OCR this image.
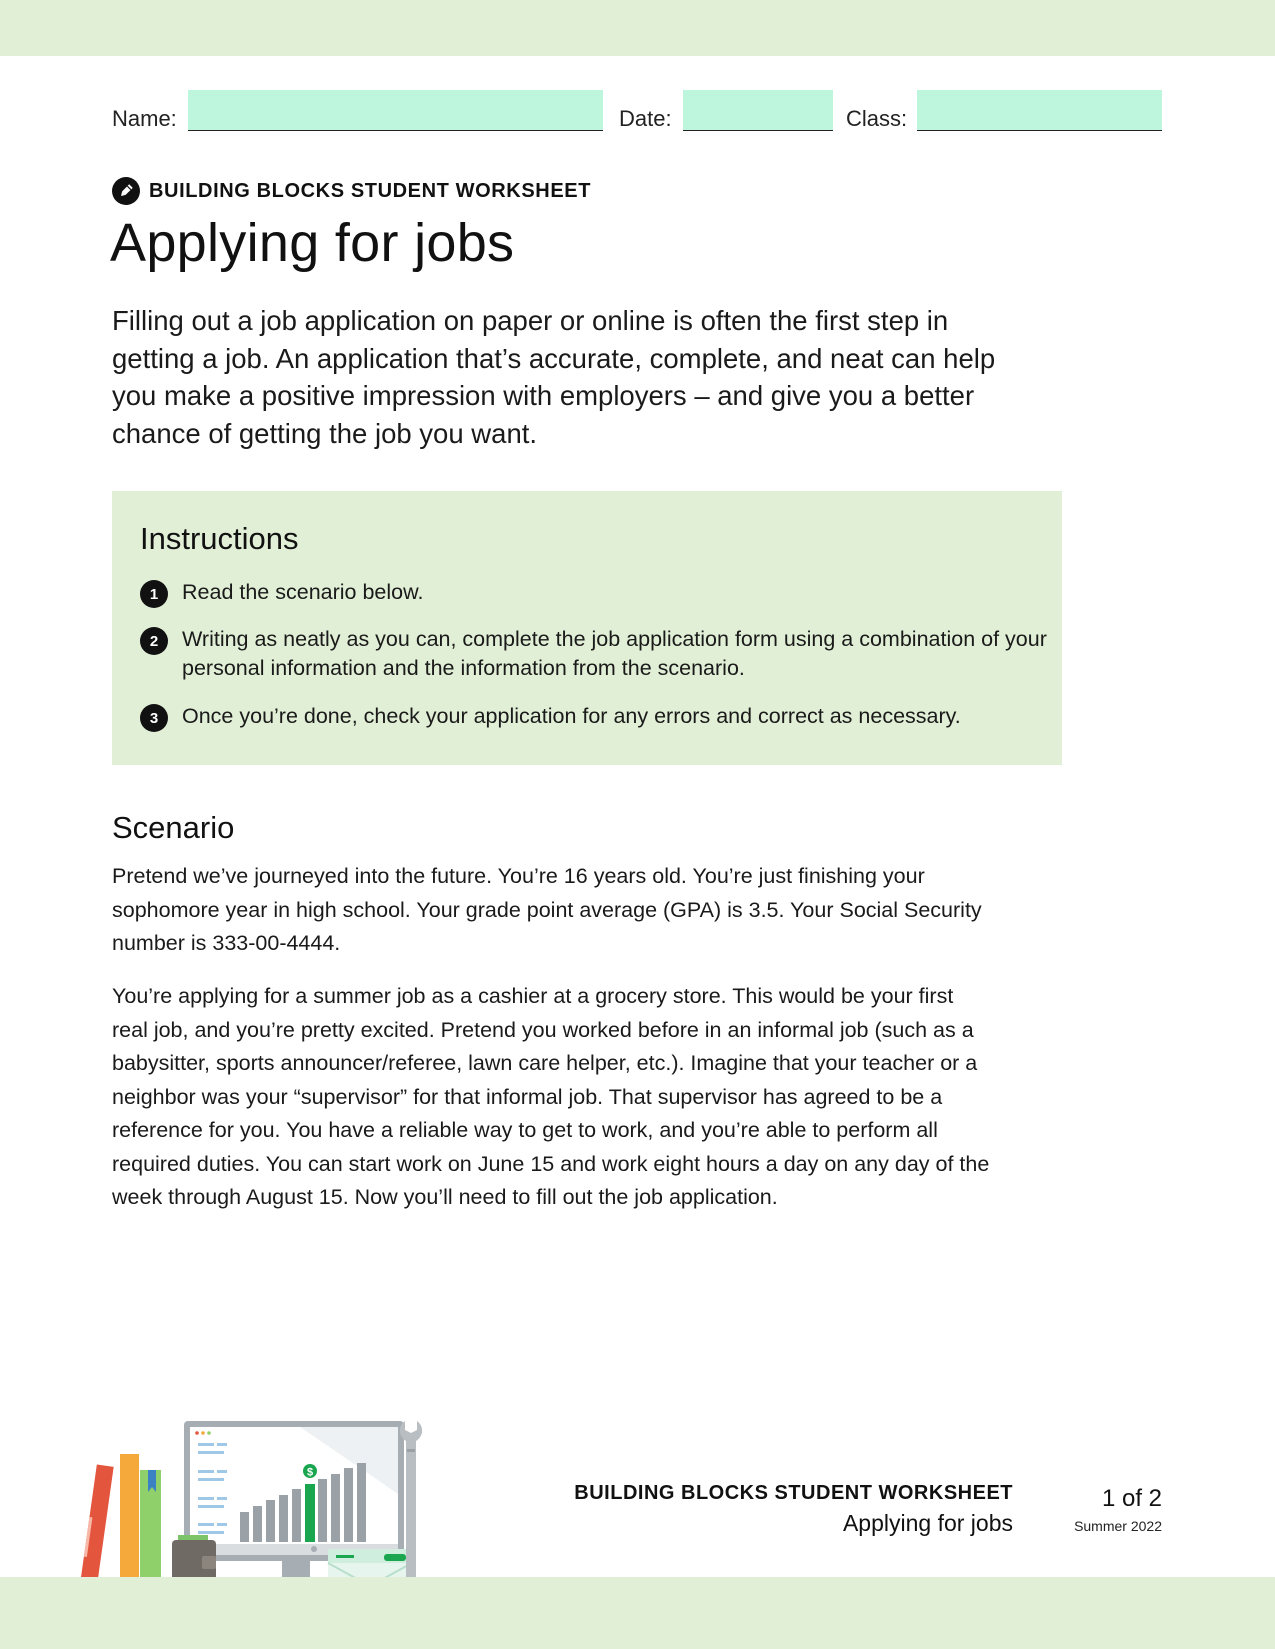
Name:	Date:	Class:
BUILDING BLOCKS STUDENT WORKSHEET
Applying for jobs

Filling out a job application on paper or online is often the first step in getting a job. An application that’s accurate, complete, and neat can help you make a positive impression with employers – and give you a better chance of getting the job you want.

Instructions
1	Read the scenario below.
2	Writing as neatly as you can, complete the job application form using a combination of your personal information and the information from the scenario.
3	Once you’re done, check your application for any errors and correct as necessary.
Scenario

Pretend we’ve journeyed into the future. You’re 16 years old. You’re just finishing your sophomore year in high school. Your grade point average (GPA) is 3.5. Your Social Security number is 333-00-4444.

You’re applying for a summer job as a cashier at a grocery store. This would be your first real job, and you’re pretty excited. Pretend you worked before in an informal job (such as a babysitter, sports announcer/referee, lawn care helper, etc.). Imagine that your teacher or a neighbor was your “supervisor” for that informal job. That supervisor has agreed to be a reference for you. You have a reliable way to get to work, and you’re able to perform all required duties. You can start work on June 15 and work eight hours a day on any day of the week through August 15. Now you’ll need to fill out the job application.

$
BUILDING BLOCKS STUDENT WORKSHEET
Applying for jobs
1 of 2
Summer 2022
